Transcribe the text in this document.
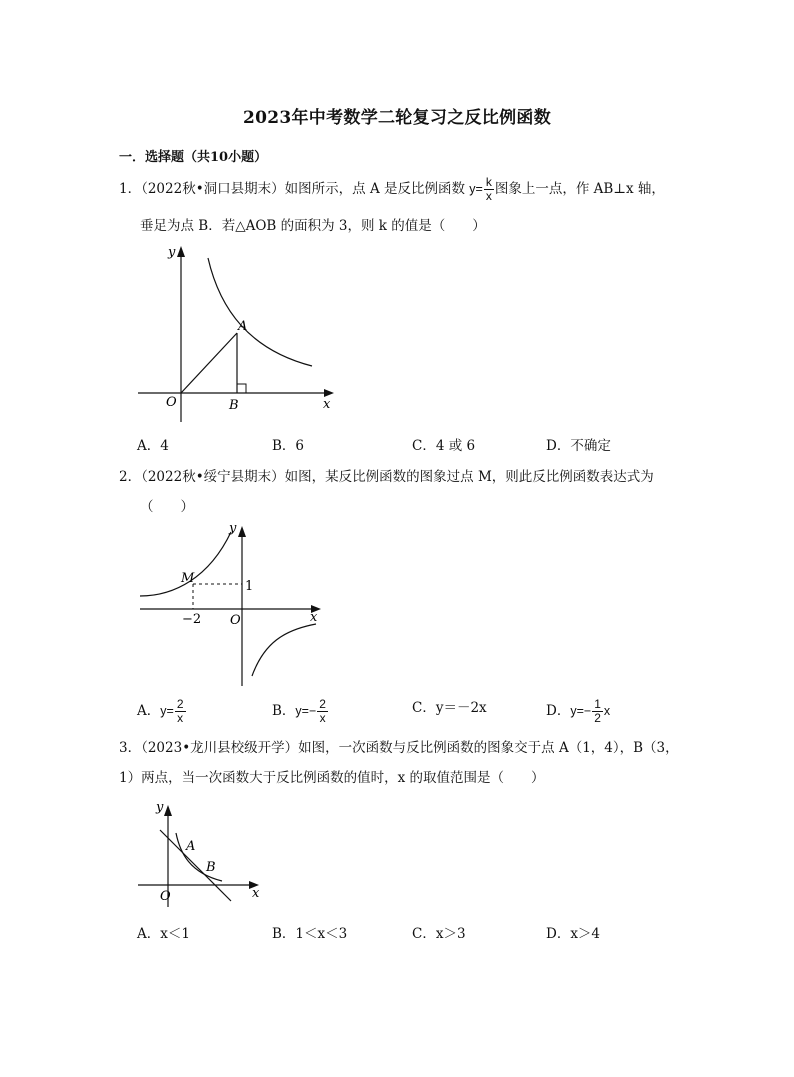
2023年中考数学二轮复习之反比例函数
一．选择题（共10小题）
1．（2022秋•洞口县期末）如图所示，点 A 是反比例函数 $y= \frac{k}{x}$ 图象上一点，作 AB⊥x 轴，
垂足为点 B．若△AOB 的面积为 3，则 k 的值是（　　）
y
x
O
A
B
A．4	B．6	C．4 或 6	D．不确定
2．（2022秋•绥宁县期末）如图，某反比例函数的图象过点 M，则此反比例函数表达式为
（　　）
y
x
O
M
1
−2
A．$y= \frac{2}{x}$	B．$y=- \frac{2}{x}$	C．y＝－2x	D．$y=- \frac{1}{2}$ x
3．（2023•龙川县校级开学）如图，一次函数与反比例函数的图象交于点 A（1，4），B（3，
1）两点，当一次函数大于反比例函数的值时，x 的取值范围是（　　）
y
x
O
A
B
A．x＜1	B．1＜x＜3	C．x＞3	D．x＞4
